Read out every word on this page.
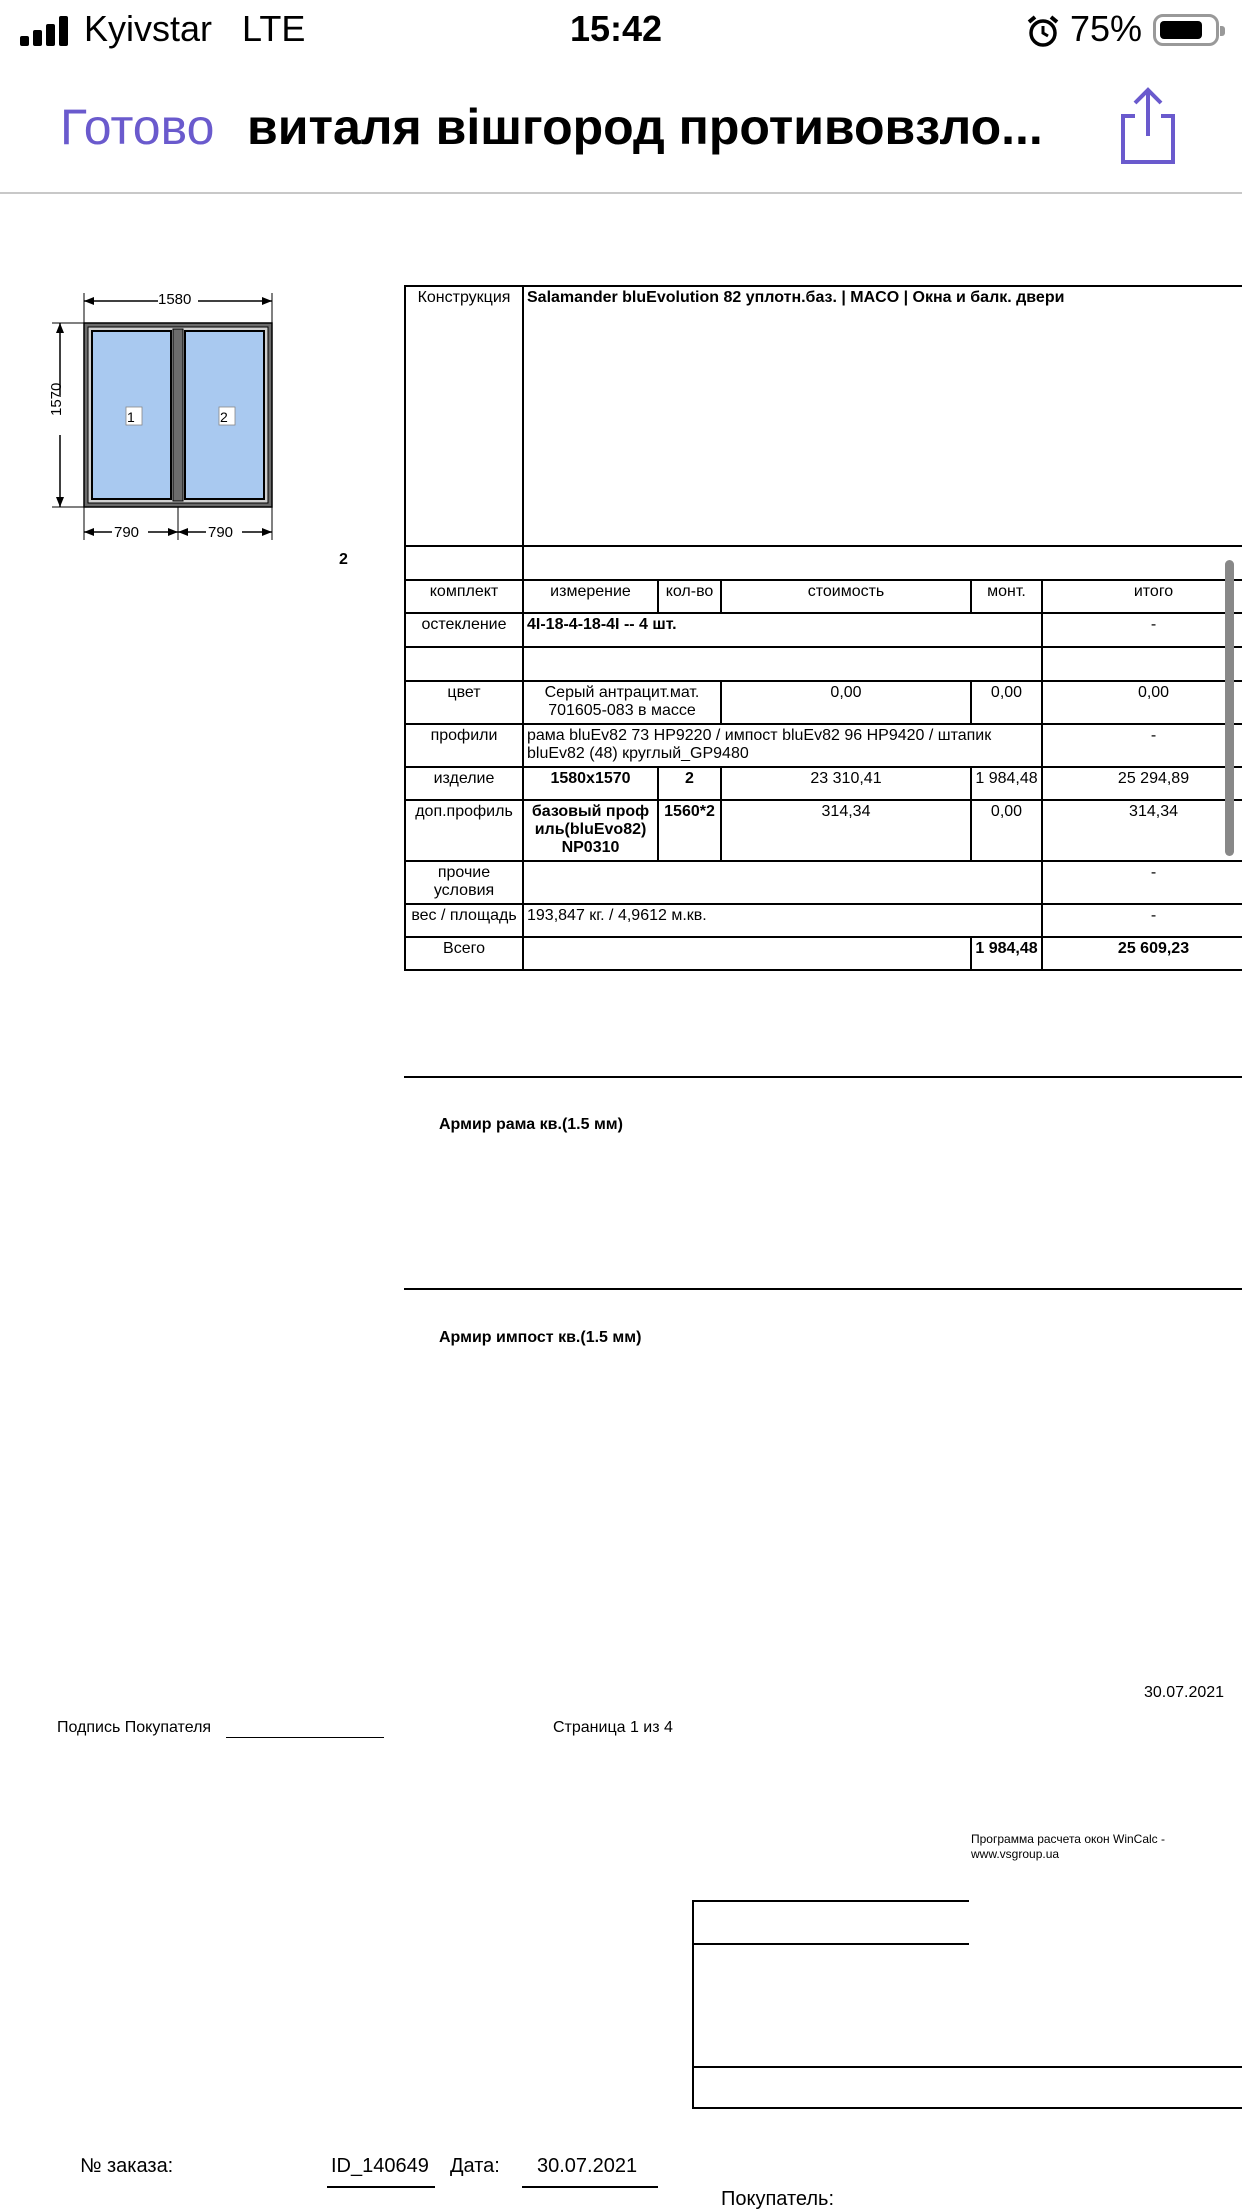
Kyivstar LTE	15:42	75%
Готово виталя вішгород противовзло...
1580
1570
1	2
790	790
2
Конструкция	Salamander bluEvolution 82 уплотн.баз. | MACO | Окна и балк. двери				

комплект	измерение	кол-во	стоимость	монт.	итого
остекление	4I-18-4-18-4I -- 4 шт.				-

цвет	Серый антрацит.мат. 701605-083 в массе		0,00	0,00	0,00
профили	рама bluEv82 73 HP9220 / импост bluEv82 96 HP9420 / штапик bluEv82 (48) круглый_GP9480				-
изделие	1580x1570	2	23 310,41	1 984,48	25 294,89
доп.профиль	базовый профиль(bluEvo82) NP0310	1560*2	314,34	0,00	314,34
прочие условия					-
вес / площадь	193,847 кг. / 4,9612 м.кв.				-
Всего				1 984,48	25 609,23
Армир рама кв.(1.5 мм)
Армир импост кв.(1.5 мм)
30.07.2021
Подпись Покупателя	Страница 1 из 4
Программа расчета окон WinCalc -
www.vsgroup.ua
№ заказа:	ID_140649 Дата: 30.07.2021
Покупатель:
